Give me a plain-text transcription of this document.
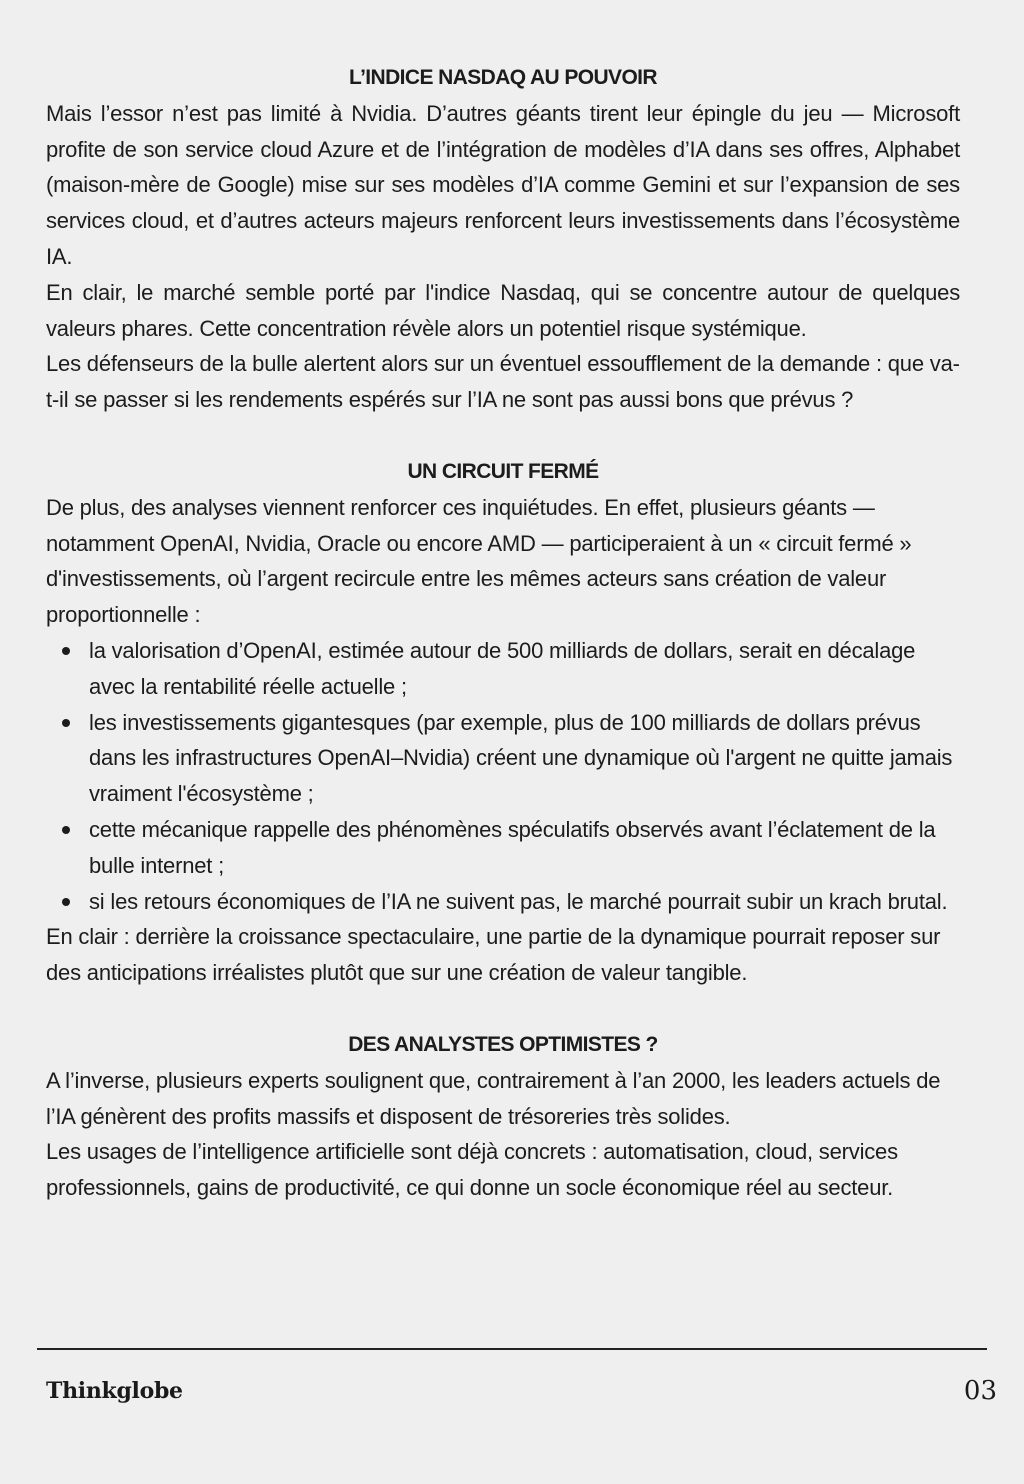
L’INDICE NASDAQ AU POUVOIR

Mais l’essor n’est pas limité à Nvidia. D’autres géants tirent leur épingle du jeu — Microsoft profite de son service cloud Azure et de l’intégration de modèles d’IA dans ses offres, Alphabet (maison-mère de Google) mise sur ses modèles d’IA comme Gemini et sur l’expansion de ses services cloud, et d’autres acteurs majeurs renforcent leurs investissements dans l’écosystème IA.

En clair, le marché semble porté par l'indice Nasdaq, qui se concentre autour de quelques valeurs phares. Cette concentration révèle alors un potentiel risque systémique.

Les défenseurs de la bulle alertent alors sur un éventuel essoufflement de la demande : que va-t-il se passer si les rendements espérés sur l’IA ne sont pas aussi bons que prévus ?

UN CIRCUIT FERMÉ

De plus, des analyses viennent renforcer ces inquiétudes. En effet, plusieurs géants — notamment OpenAI, Nvidia, Oracle ou encore AMD — participeraient à un « circuit fermé » d'investissements, où l’argent recircule entre les mêmes acteurs sans création de valeur proportionnelle :

la valorisation d’OpenAI, estimée autour de 500 milliards de dollars, serait en décalage avec la rentabilité réelle actuelle ;
les investissements gigantesques (par exemple, plus de 100 milliards de dollars prévus dans les infrastructures OpenAI–Nvidia) créent une dynamique où l'argent ne quitte jamais vraiment l'écosystème ;
cette mécanique rappelle des phénomènes spéculatifs observés avant l’éclatement de la bulle internet ;
si les retours économiques de l’IA ne suivent pas, le marché pourrait subir un krach brutal.

En clair : derrière la croissance spectaculaire, une partie de la dynamique pourrait reposer sur des anticipations irréalistes plutôt que sur une création de valeur tangible.

DES ANALYSTES OPTIMISTES ?

A l’inverse, plusieurs experts soulignent que, contrairement à l’an 2000, les leaders actuels de l’IA génèrent des profits massifs et disposent de trésoreries très solides.

Les usages de l’intelligence artificielle sont déjà concrets : automatisation, cloud, services professionnels, gains de productivité, ce qui donne un socle économique réel au secteur.

Thinkglobe	03
